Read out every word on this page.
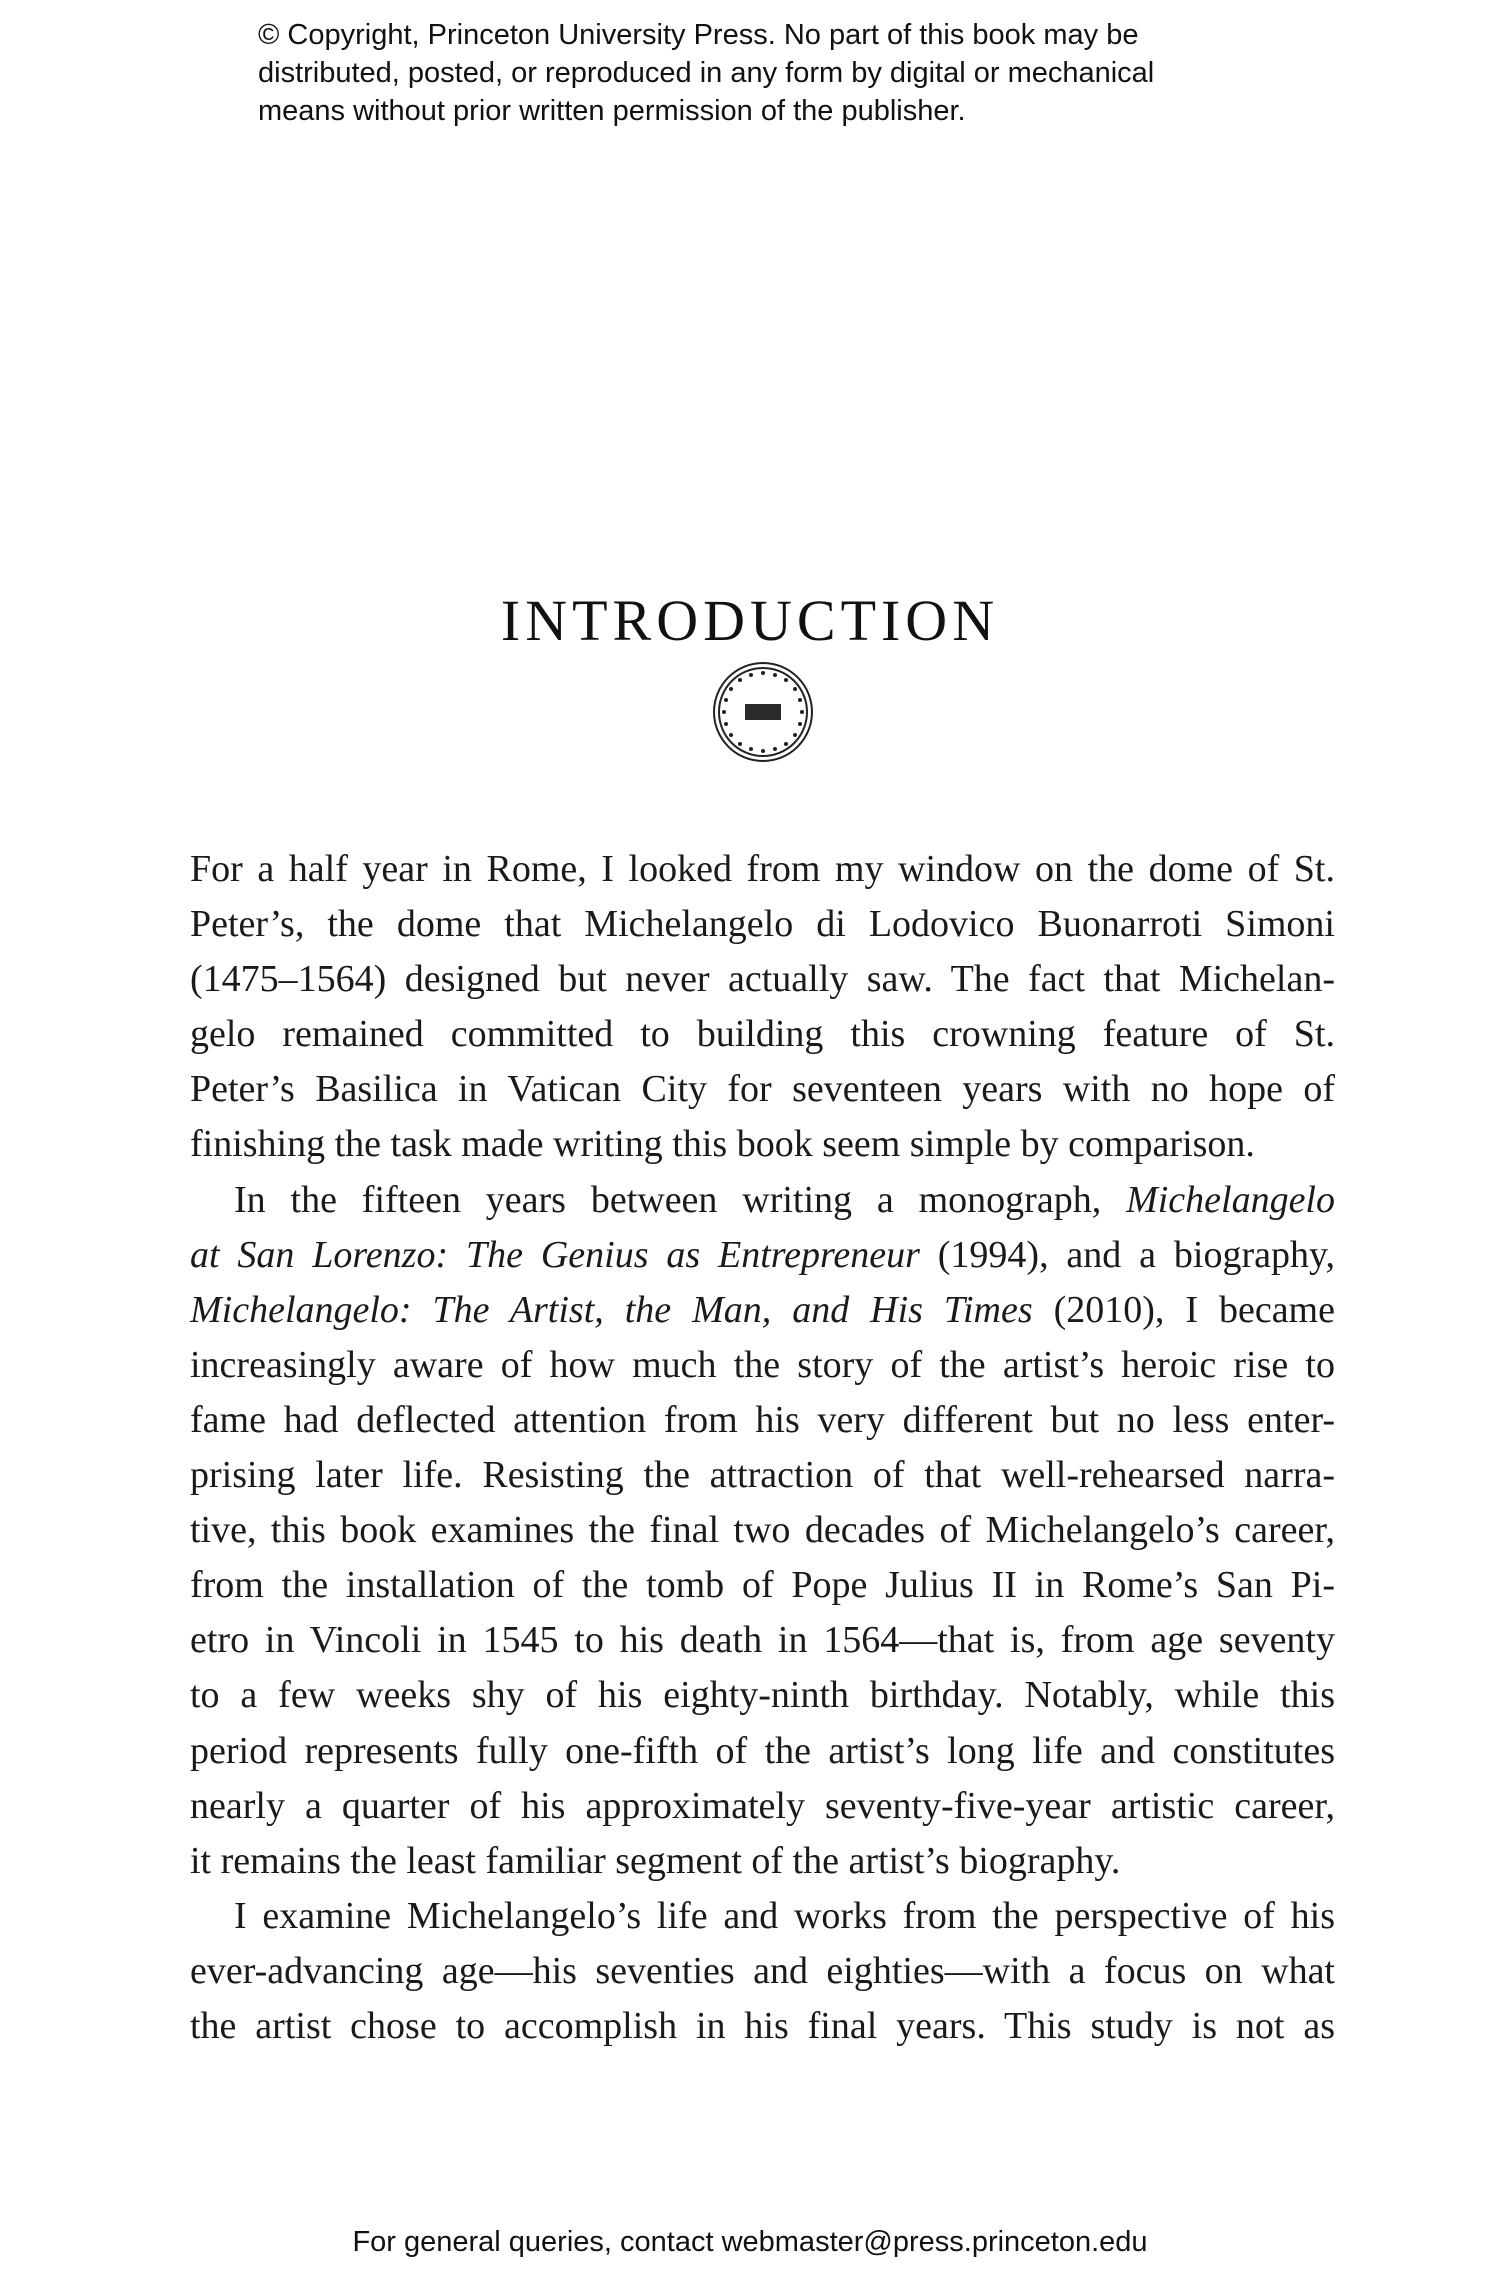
© Copyright, Princeton University Press. No part of this book may be
distributed, posted, or reproduced in any form by digital or mechanical
means without prior written permission of the publisher.
INTRODUCTION
For a half year in Rome, I looked from my window on the dome of St.
Peter’s, the dome that Michelangelo di Lodovico Buonarroti Simoni
(1475–1564) designed but never actually saw. The fact that Michelan-
gelo remained committed to building this crowning feature of St.
Peter’s Basilica in Vatican City for seventeen years with no hope of
finishing the task made writing this book seem simple by comparison.
In the fifteen years between writing a monograph, Michelangelo
at San Lorenzo: The Genius as Entrepreneur (1994), and a biography,
Michelangelo: The Artist, the Man, and His Times (2010), I became
increasingly aware of how much the story of the artist’s heroic rise to
fame had deflected attention from his very different but no less enter-
prising later life. Resisting the attraction of that well-rehearsed narra-
tive, this book examines the final two decades of Michelangelo’s career,
from the installation of the tomb of Pope Julius II in Rome’s San Pi-
etro in Vincoli in 1545 to his death in 1564—that is, from age seventy
to a few weeks shy of his eighty-ninth birthday. Notably, while this
period represents fully one-fifth of the artist’s long life and constitutes
nearly a quarter of his approximately seventy-five-year artistic career,
it remains the least familiar segment of the artist’s biography.
I examine Michelangelo’s life and works from the perspective of his
ever-advancing age—his seventies and eighties—with a focus on what
the artist chose to accomplish in his final years. This study is not as
For general queries, contact webmaster@press.princeton.edu
